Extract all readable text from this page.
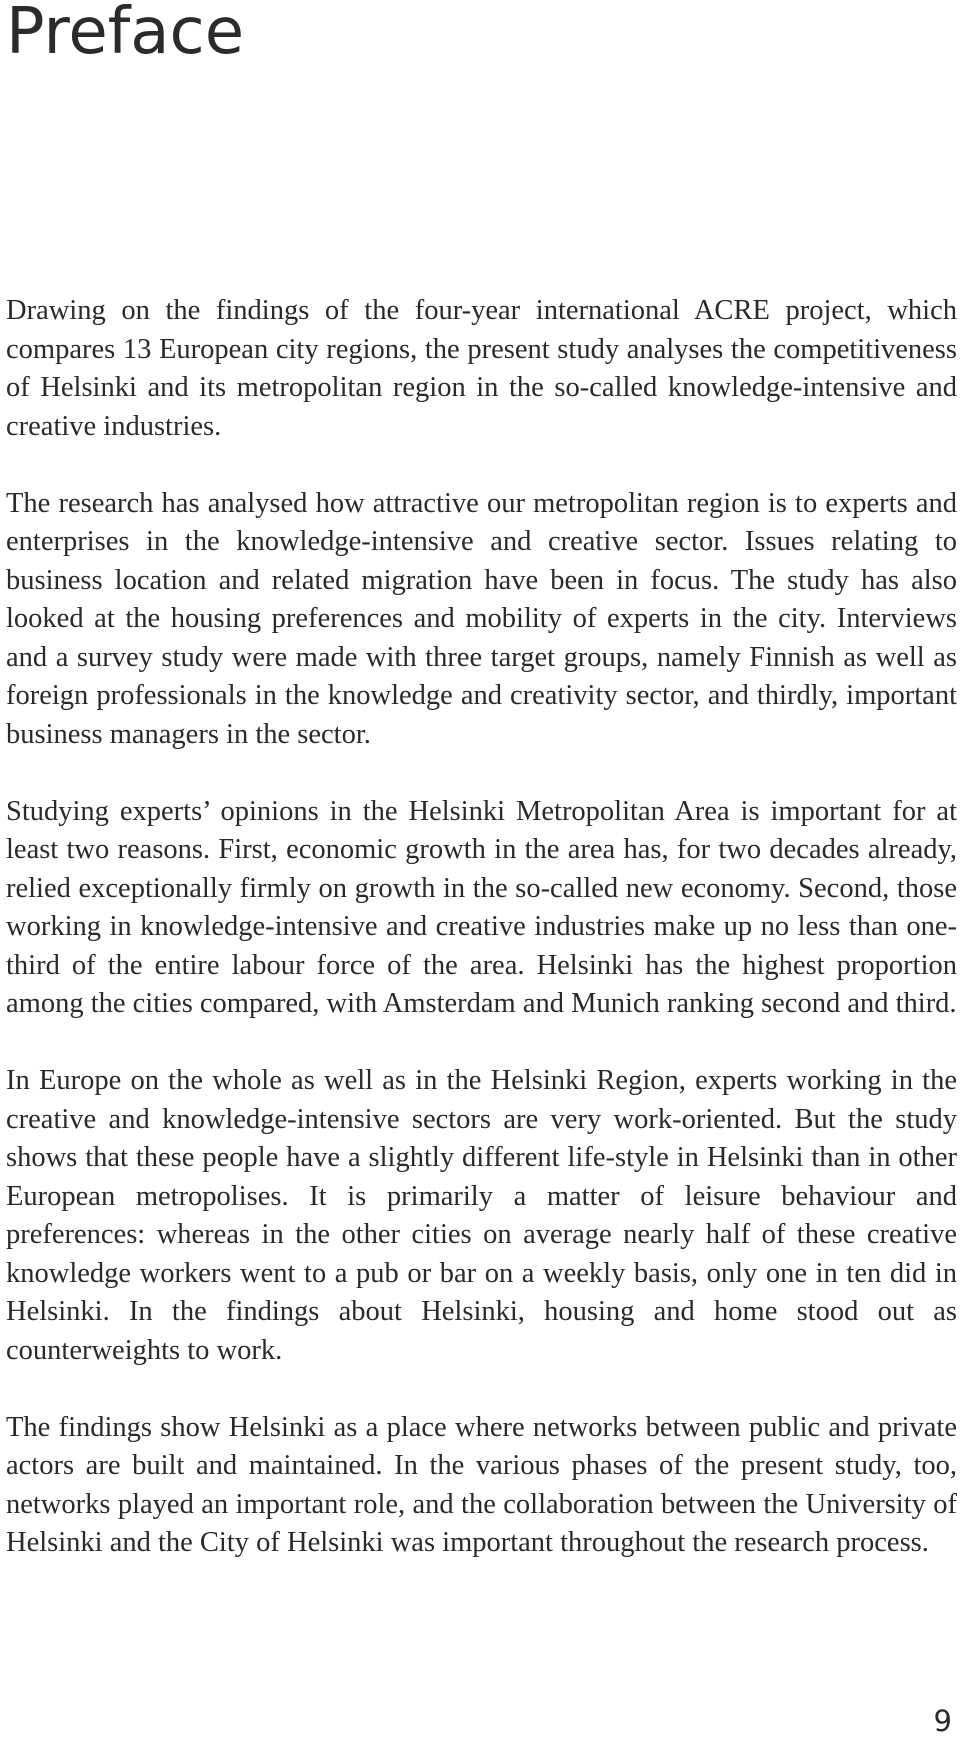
Preface

Drawing on the findings of the four-year international ACRE project, which compares 13 European city regions, the present study analyses the competitiveness of Helsinki and its metropolitan region in the so-called knowledge-intensive and creative industries.

The research has analysed how attractive our metropolitan region is to experts and enterprises in the knowledge-intensive and creative sector. Issues relating to business location and related migration have been in focus. The study has also looked at the housing preferences and mobility of experts in the city. Interviews and a survey study were made with three target groups, namely Finnish as well as foreign professionals in the knowledge and creativity sector, and thirdly, important business managers in the sector.

Studying experts’ opinions in the Helsinki Metropolitan Area is important for at least two reasons. First, economic growth in the area has, for two decades already, relied exceptionally firmly on growth in the so-called new economy. Second, those working in knowledge-intensive and creative industries make up no less than one-third of the entire labour force of the area. Helsinki has the highest proportion among the cities compared, with Amsterdam and Munich ranking second and third.

In Europe on the whole as well as in the Helsinki Region, experts working in the creative and knowledge-intensive sectors are very work-oriented. But the study shows that these people have a slightly different life-style in Helsinki than in other European metropolises. It is primarily a matter of leisure behaviour and preferences: whereas in the other cities on average nearly half of these creative knowledge workers went to a pub or bar on a weekly basis, only one in ten did in Helsinki. In the findings about Helsinki, housing and home stood out as counterweights to work.

The findings show Helsinki as a place where networks between public and private actors are built and maintained. In the various phases of the present study, too, networks played an important role, and the collaboration between the University of Helsinki and the City of Helsinki was important throughout the research process.

9
